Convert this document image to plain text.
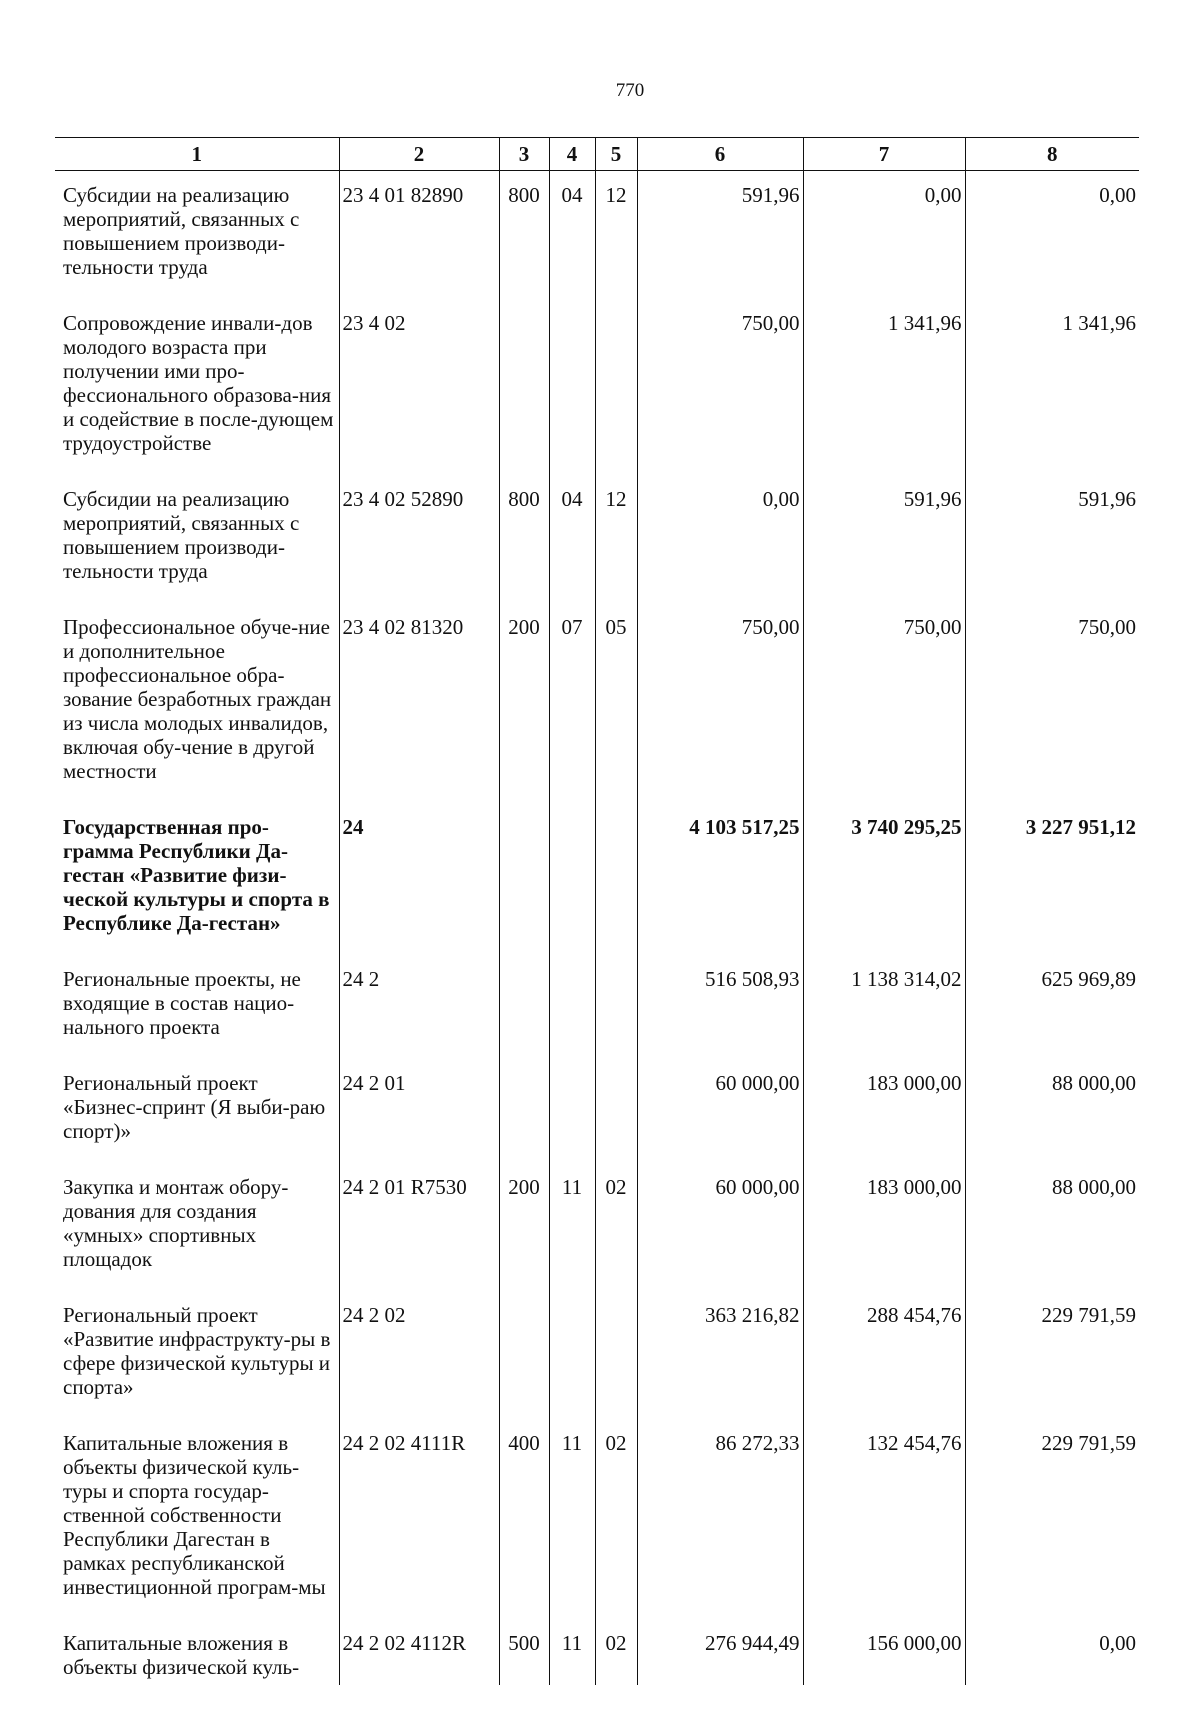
770
1	2	3	4	5	6	7	8
Субсидии на реализацию мероприятий, связанных с повышением производи-тельности труда	23 4 01 82890	800	04	12	591,96	0,00	0,00
Сопровождение инвали-дов молодого возраста при получении ими про-фессионального образова-ния и содействие в после-дующем трудоустройстве	23 4 02				750,00	1 341,96	1 341,96
Субсидии на реализацию мероприятий, связанных с повышением производи-тельности труда	23 4 02 52890	800	04	12	0,00	591,96	591,96
Профессиональное обуче-ние и дополнительное профессиональное обра-зование безработных граждан из числа молодых инвалидов, включая обу-чение в другой местности	23 4 02 81320	200	07	05	750,00	750,00	750,00
Государственная про-грамма Республики Да-гестан «Развитие физи-ческой культуры и спорта в Республике Да-гестан»	24				4 103 517,25	3 740 295,25	3 227 951,12
Региональные проекты, не входящие в состав нацио-нального проекта	24 2				516 508,93	1 138 314,02	625 969,89
Региональный проект «Бизнес-спринт (Я выби-раю спорт)»	24 2 01				60 000,00	183 000,00	88 000,00
Закупка и монтаж обору-дования для создания «умных» спортивных площадок	24 2 01 R7530	200	11	02	60 000,00	183 000,00	88 000,00
Региональный проект «Развитие инфраструкту-ры в сфере физической культуры и спорта»	24 2 02				363 216,82	288 454,76	229 791,59
Капитальные вложения в объекты физической куль-туры и спорта государ-ственной собственности Республики Дагестан в рамках республиканской инвестиционной програм-мы	24 2 02 4111R	400	11	02	86 272,33	132 454,76	229 791,59
Капитальные вложения в объекты физической куль-	24 2 02 4112R	500	11	02	276 944,49	156 000,00	0,00
